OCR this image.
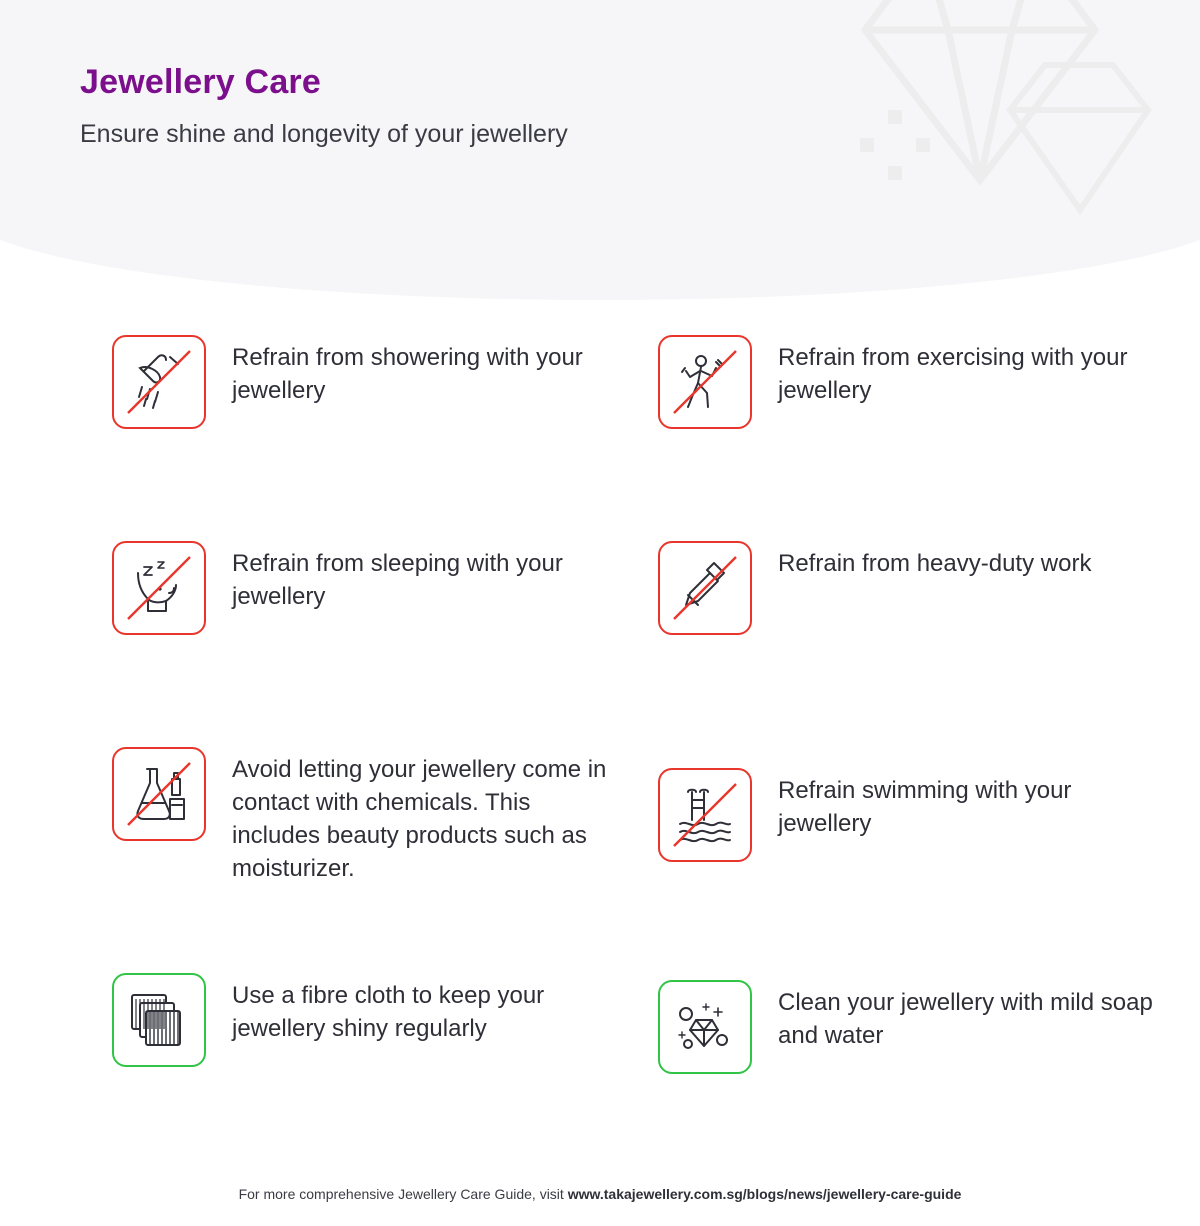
Jewellery Care

Ensure shine and longevity of your jewellery

Refrain from showering with your jewellery
Refrain from exercising with your jewellery
Refrain from sleeping with your jewellery
Refrain from heavy-duty work
Avoid letting your jewellery come in contact with chemicals. This includes beauty products such as moisturizer.
Refrain swimming with your jewellery
Use a fibre cloth to keep your jewellery shiny regularly
Clean your jewellery with mild soap and water
For more comprehensive Jewellery Care Guide, visit www.takajewellery.com.sg/blogs/news/jewellery-care-guide
